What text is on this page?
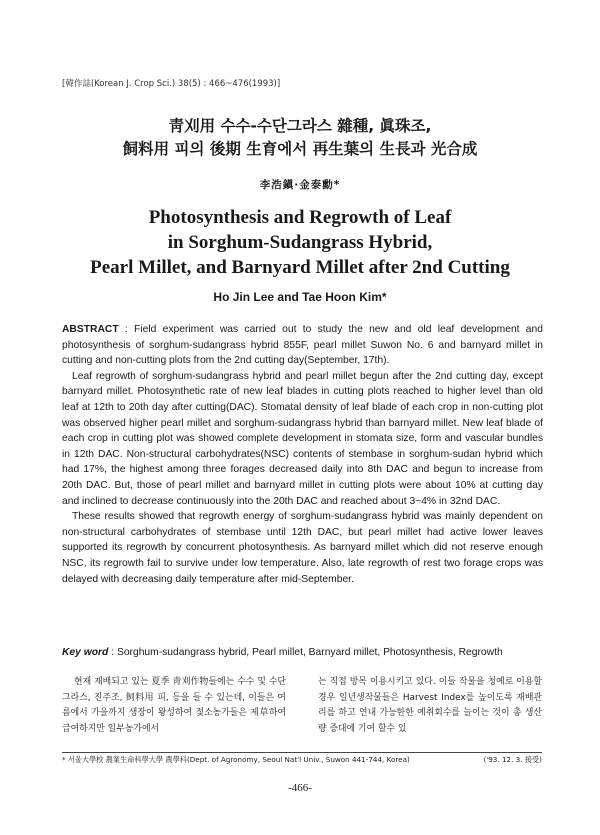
[韓作誌(Korean J. Crop Sci.) 38(5) : 466~476(1993)]
靑刈用 수수-수단그라스 雜種, 眞珠조,
飼料用 피의 後期 生育에서 再生葉의 生長과 光合成
李浩鎭·金泰勳*
Photosynthesis and Regrowth of Leaf
in Sorghum-Sudangrass Hybrid,
Pearl Millet, and Barnyard Millet after 2nd Cutting
Ho Jin Lee and Tae Hoon Kim*

ABSTRACT : Field experiment was carried out to study the new and old leaf development and photosynthesis of sorghum-sudangrass hybrid 855F, pearl millet Suwon No. 6 and barnyard millet in cutting and non-cutting plots from the 2nd cutting day(September, 17th).

Leaf regrowth of sorghum-sudangrass hybrid and pearl millet begun after the 2nd cutting day, except barnyard millet. Photosynthetic rate of new leaf blades in cutting plots reached to higher level than old leaf at 12th to 20th day after cutting(DAC). Stomatal density of leaf blade of each crop in non-cutting plot was observed higher pearl millet and sorghum-sudangrass hybrid than barnyard millet. New leaf blade of each crop in cutting plot was showed complete development in stomata size, form and vascular bundles in 12th DAC. Non-structural carbohydrates(NSC) contents of stembase in sorghum-sudan hybrid which had 17%, the highest among three forages decreased daily into 8th DAC and begun to increase from 20th DAC. But, those of pearl millet and barnyard millet in cutting plots were about 10% at cutting day and inclined to decrease continuously into the 20th DAC and reached about 3~4% in 32nd DAC.

These results showed that regrowth energy of sorghum-sudangrass hybrid was mainly dependent on non-structural carbohydrates of stembase until 12th DAC, but pearl millet had active lower leaves supported its regrowth by concurrent photosynthesis. As barnyard millet which did not reserve enough NSC, its regrowth fail to survive under low temperature. Also, late regrowth of rest two forage crops was delayed with decreasing daily temperature after mid-September.

Key word : Sorghum-sudangrass hybrid, Pearl millet, Barnyard millet, Photosynthesis, Regrowth

현재 재배되고 있는 夏季 靑刈作物들에는 수수 및 수단그라스, 진주조, 飼料用 피, 등을 들 수 있는데, 이들은 여름에서 가을까지 생장이 왕성하여 젖소농가들은 제草하여 급여하지만 일부농가에서

는 직접 방목 이용시키고 있다. 이들 작물을 청예로 이용할 경우 일년생작물들은 Harvest Index를 높이도록 재배관리를 하고 연내 가능한한 예취회수를 늘이는 것이 총 생산량 증대에 기여 할수 있

* 서울大學校 農業生命科學大學 農學科(Dept. of Agronomy, Seoul Nat'l Univ., Suwon 441-744, Korea)	('93. 12. 3. 接受)
-466-
